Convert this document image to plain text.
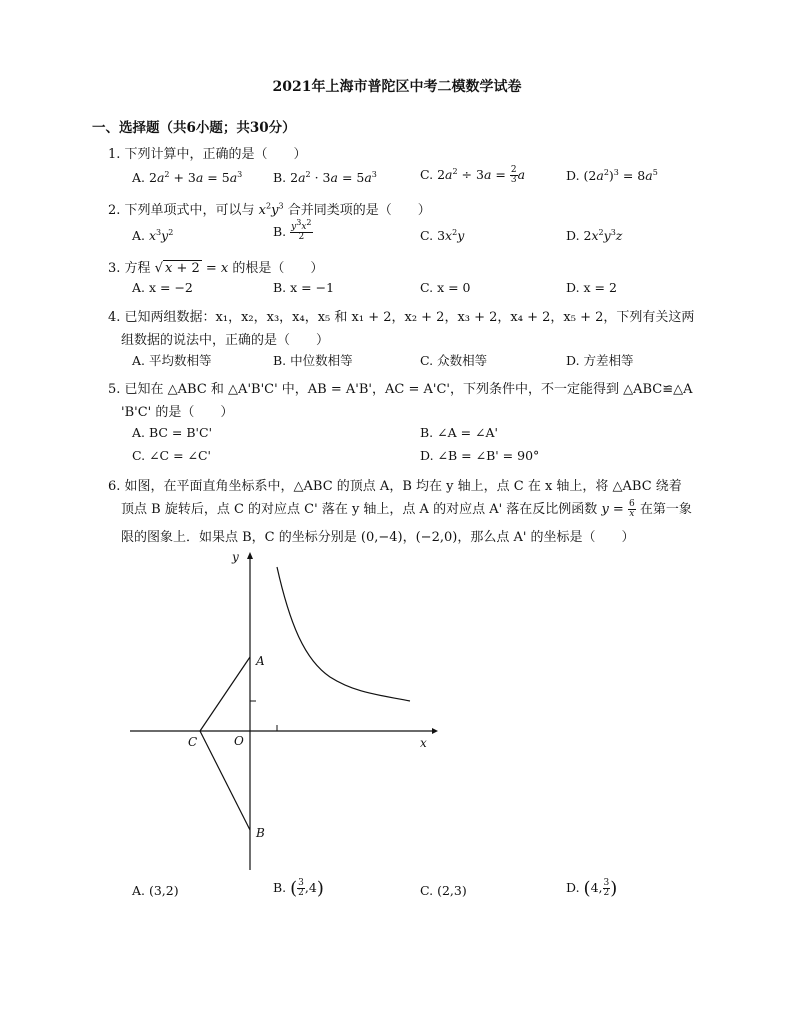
2021年上海市普陀区中考二模数学试卷
一、选择题（共6小题；共30分）
1. 下列计算中，正确的是（　　）
A. $2a^2 + 3a = 5a^3$ B. $2a^2 \cdot 3a = 5a^3$	C. $2a^2 \div 3a = \frac{2}{3}$ a	D. $(2a^2)^3 = 8a^5$
2. 下列单项式中，可以与 $x^2y^3$ 合并同类项的是（　　）
A. $x^3y^2$	B. $\frac{y^3x^2}{2}$	C. $3x^2y$	D. $2x^2y^3z$
3. 方程 √ x + 2 = x 的根是（　　）
A. x = −2	B. x = −1	C. x = 0	D. x = 2
4. 已知两组数据：x₁，x₂，x₃，x₄，x₅ 和 x₁ + 2，x₂ + 2，x₃ + 2，x₄ + 2，x₅ + 2，下列有关这两
组数据的说法中，正确的是（　　）
A. 平均数相等	B. 中位数相等	C. 众数相等	D. 方差相等
5. 已知在 △ABC 和 △A'B'C' 中，AB = A'B'，AC = A'C'，下列条件中，不一定能得到 △ABC≌△A
'B'C' 的是（　　）
A. BC = B'C'	B. ∠A = ∠A'
C. ∠C = ∠C'	D. ∠B = ∠B' = 90°
6. 如图，在平面直角坐标系中，△ABC 的顶点 A，B 均在 y 轴上，点 C 在 x 轴上，将 △ABC 绕着
顶点 B 旋转后，点 C 的对应点 C' 落在 y 轴上，点 A 的对应点 A' 落在反比例函数 $y = \frac{6}{x}$ 在第一象
限的图象上．如果点 B，C 的坐标分别是 (0,−4)，(−2,0)，那么点 A' 的坐标是（　　）
y
x
A
B
C	O
A. (3,2)	B. ( $\frac{3}{2} ,4$)	C. (2,3)	D. (4, $\frac{3}{2}$ )
